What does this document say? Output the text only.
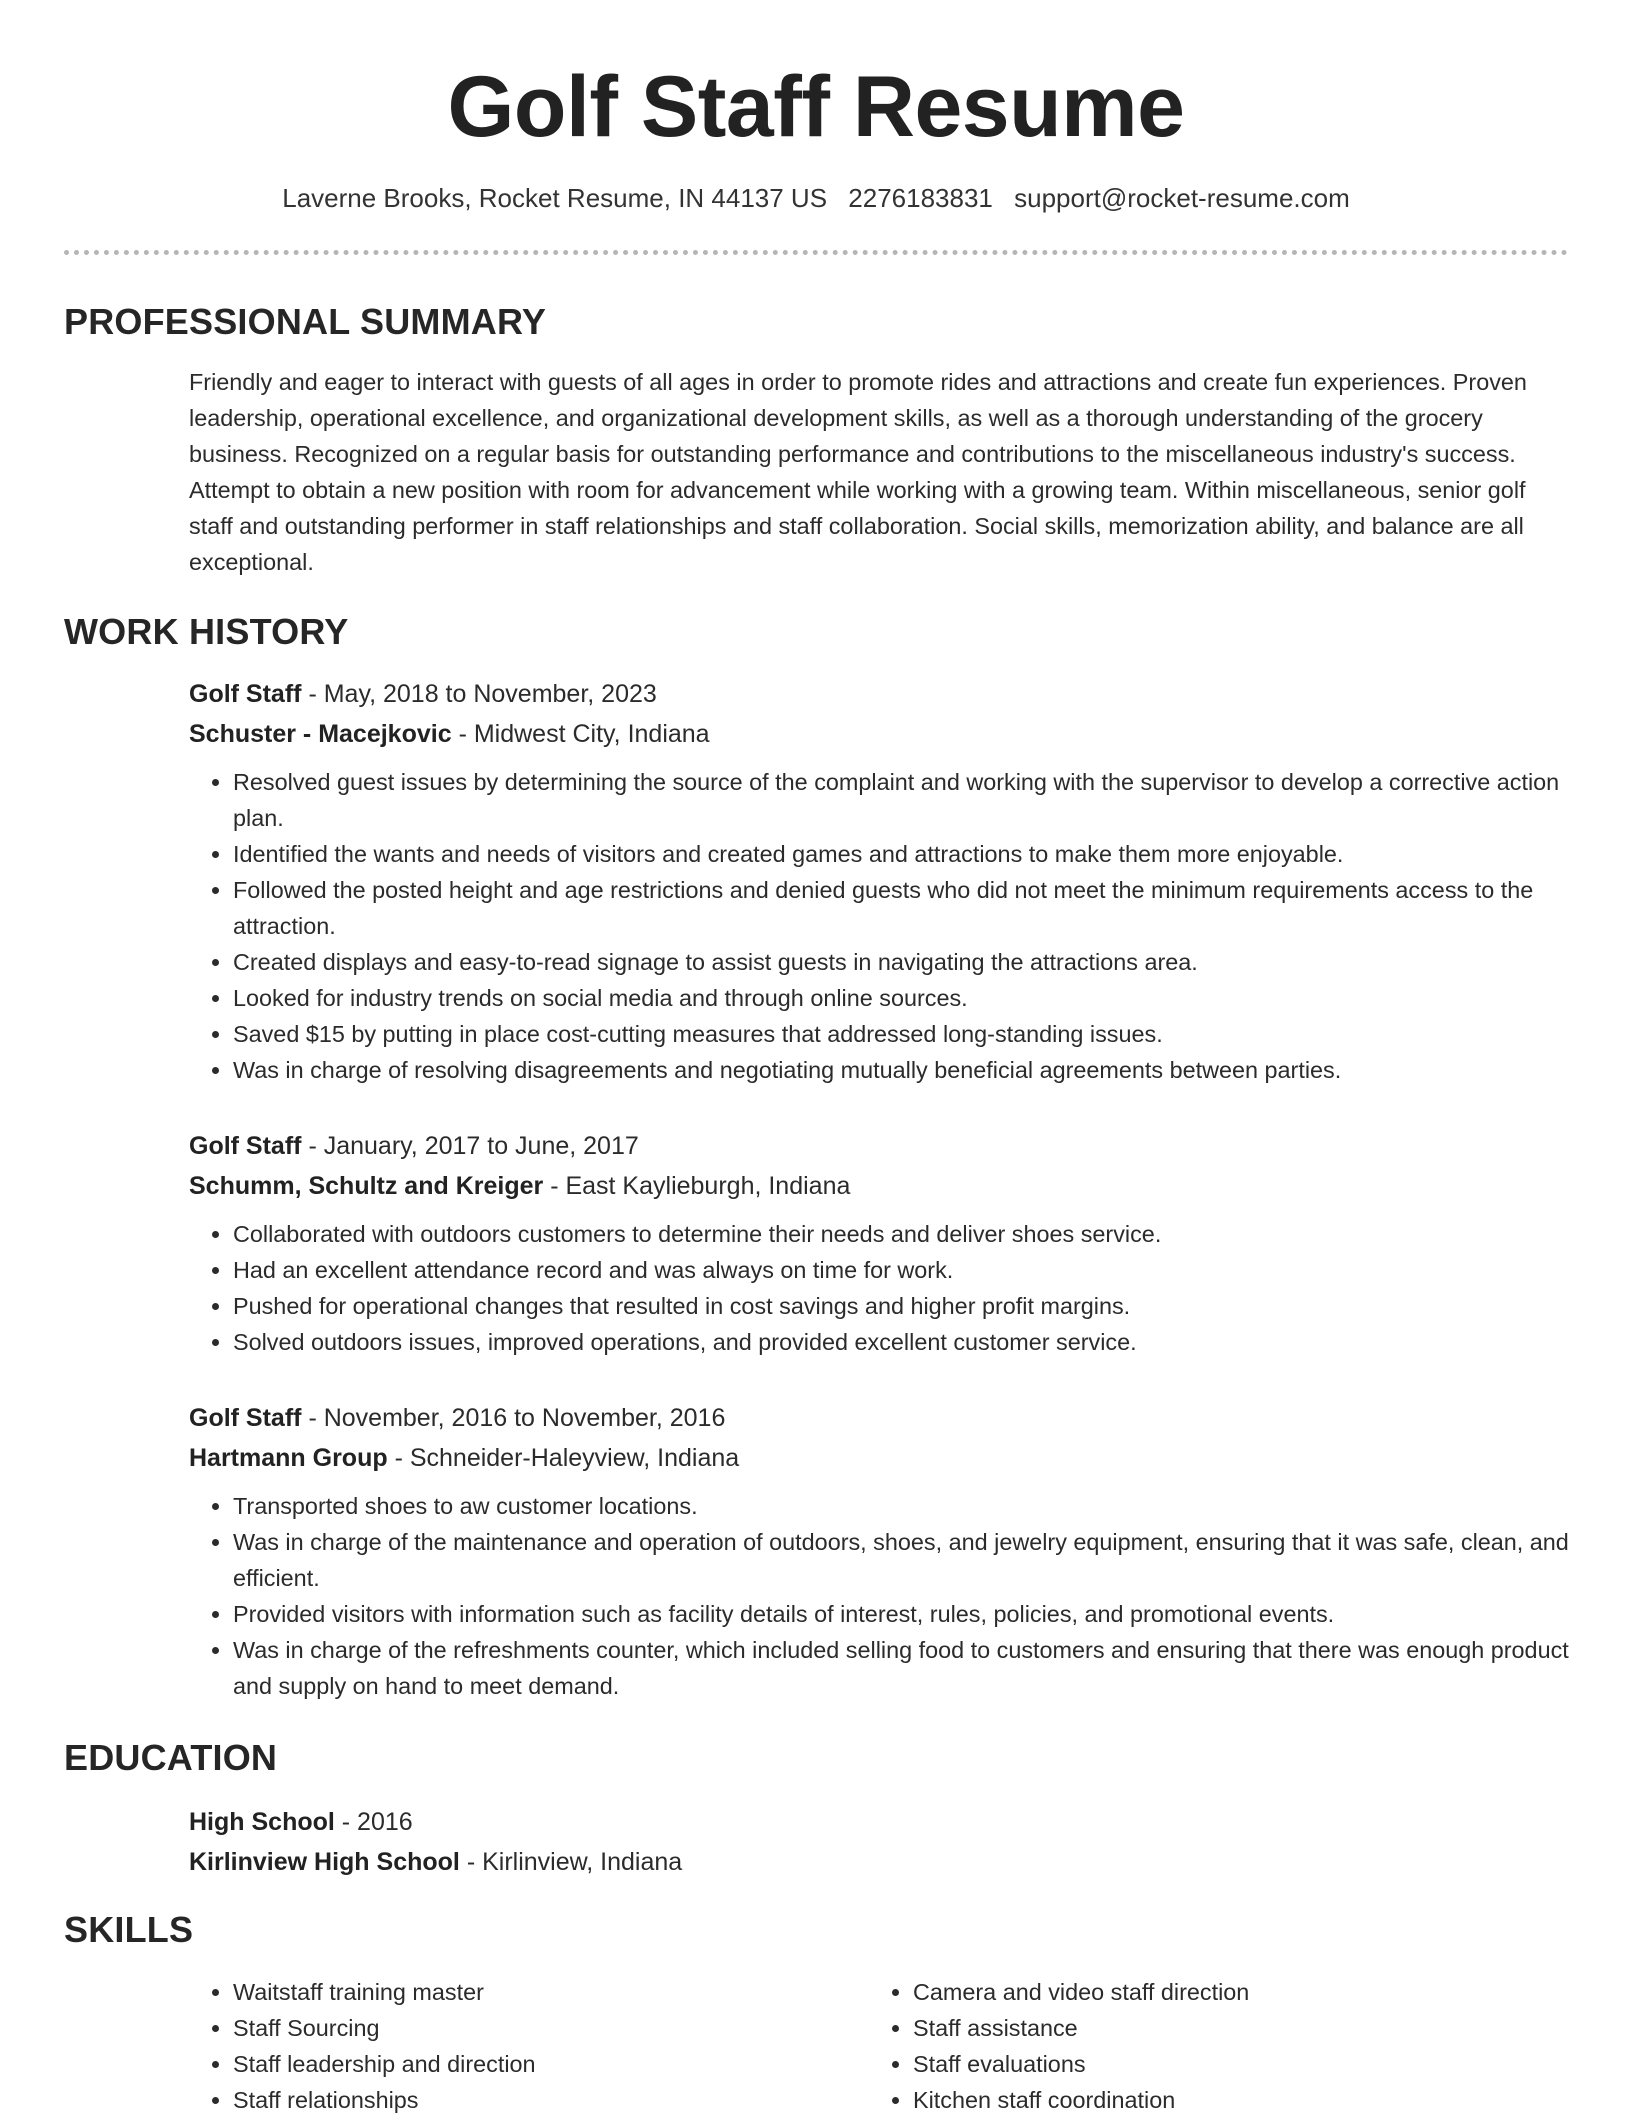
Golf Staff Resume
Laverne Brooks, Rocket Resume, IN 44137 US 2276183831 support@rocket-resume.com
PROFESSIONAL SUMMARY

Friendly and eager to interact with guests of all ages in order to promote rides and attractions and create fun experiences. Proven leadership, operational excellence, and organizational development skills, as well as a thorough understanding of the grocery business. Recognized on a regular basis for outstanding performance and contributions to the miscellaneous industry's success. Attempt to obtain a new position with room for advancement while working with a growing team. Within miscellaneous, senior golf staff and outstanding performer in staff relationships and staff collaboration. Social skills, memorization ability, and balance are all exceptional.

WORK HISTORY
Golf Staff - May, 2018 to November, 2023
Schuster - Macejkovic - Midwest City, Indiana
• Resolved guest issues by determining the source of the complaint and working with the supervisor to develop a corrective action plan.
• Identified the wants and needs of visitors and created games and attractions to make them more enjoyable.
• Followed the posted height and age restrictions and denied guests who did not meet the minimum requirements access to the attraction.
• Created displays and easy-to-read signage to assist guests in navigating the attractions area.
• Looked for industry trends on social media and through online sources.
• Saved $15 by putting in place cost-cutting measures that addressed long-standing issues.
• Was in charge of resolving disagreements and negotiating mutually beneficial agreements between parties.
Golf Staff - January, 2017 to June, 2017
Schumm, Schultz and Kreiger - East Kaylieburgh, Indiana
• Collaborated with outdoors customers to determine their needs and deliver shoes service.
• Had an excellent attendance record and was always on time for work.
• Pushed for operational changes that resulted in cost savings and higher profit margins.
• Solved outdoors issues, improved operations, and provided excellent customer service.
Golf Staff - November, 2016 to November, 2016
Hartmann Group - Schneider-Haleyview, Indiana
• Transported shoes to aw customer locations.
• Was in charge of the maintenance and operation of outdoors, shoes, and jewelry equipment, ensuring that it was safe, clean, and efficient.
• Provided visitors with information such as facility details of interest, rules, policies, and promotional events.
• Was in charge of the refreshments counter, which included selling food to customers and ensuring that there was enough product and supply on hand to meet demand.
EDUCATION
High School - 2016
Kirlinview High School - Kirlinview, Indiana
SKILLS
• Waitstaff training master
• Staff Sourcing
• Staff leadership and direction
• Staff relationships
• Camera and video staff direction
• Staff assistance
• Staff evaluations
• Kitchen staff coordination
